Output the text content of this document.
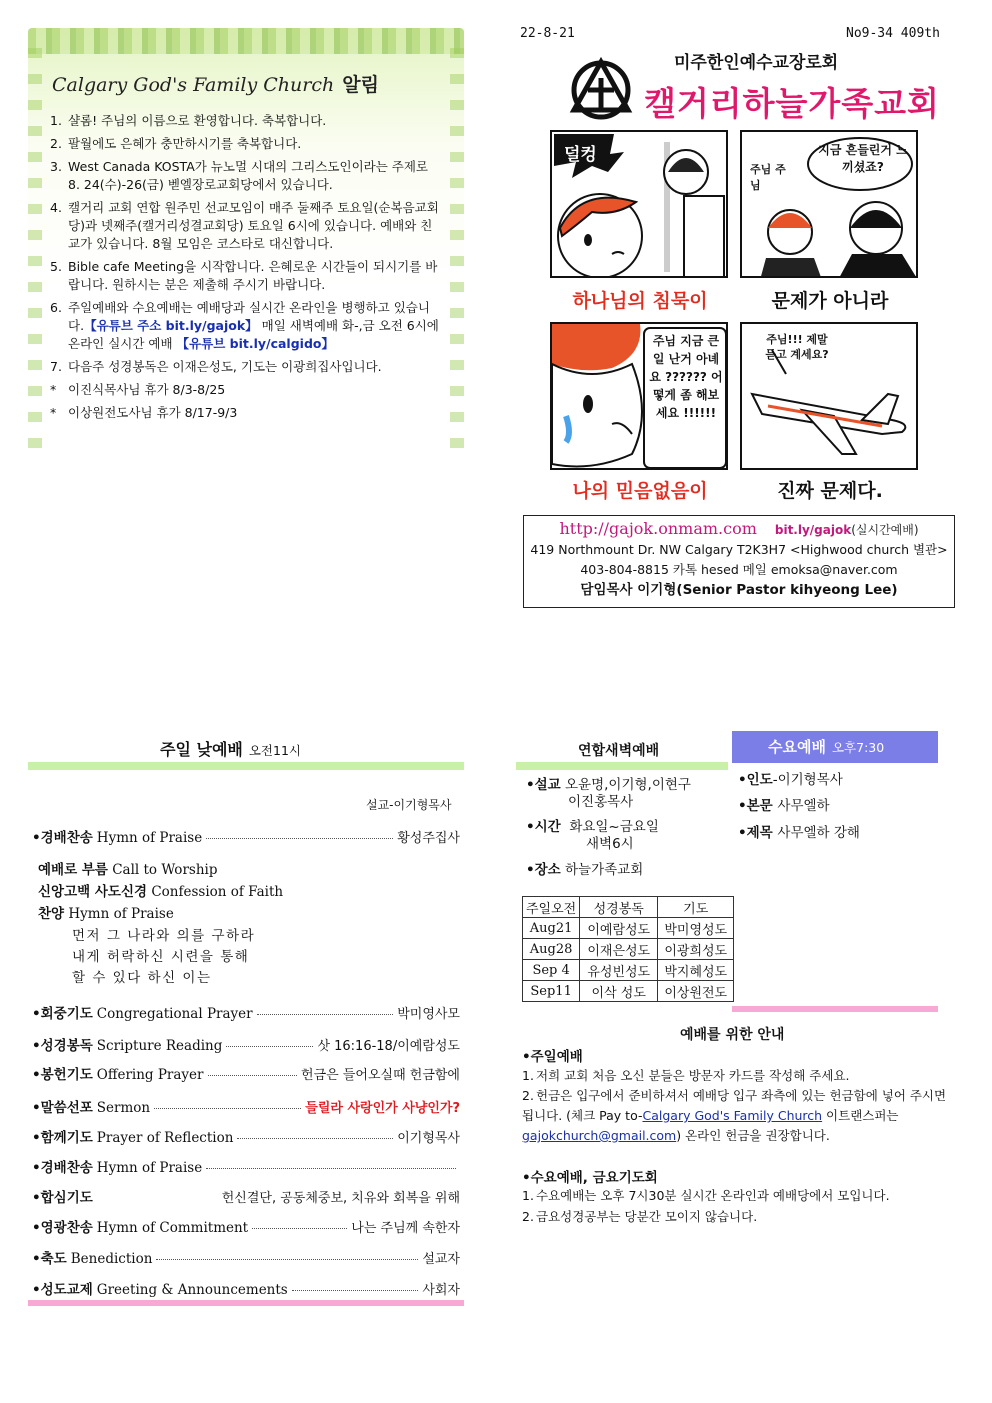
Calgary God's Family Church 알림
1. 샬롬! 주님의 이름으로 환영합니다. 축복합니다.
2. 팔월에도 은혜가 충만하시기를 축복합니다.
3. West Canada KOSTA가 뉴노멀 시대의 그리스도인이라는 주제로 8. 24(수)-26(금) 벧엘장로교회당에서 있습니다.
4. 캘거리 교회 연합 원주민 선교모임이 매주 둘째주 토요일(순복음교회당)과 넷째주(캘거리성결교회당) 토요일 6시에 있습니다. 예배와 친교가 있습니다. 8월 모임은 코스타로 대신합니다.
5. Bible cafe Meeting을 시작합니다. 은혜로운 시간들이 되시기를 바랍니다. 원하시는 분은 제출해 주시기 바랍니다.
6. 주일예배와 수요예배는 예배당과 실시간 온라인을 병행하고 있습니다.【유튜브 주소 bit.ly/gajok】 매일 새벽예배 화-,금 오전 6시에 온라인 실시간 예배 【유튜브 bit.ly/calgido】
7. 다음주 성경봉독은 이재은성도, 기도는 이광희집사입니다.
* 이진식목사님 휴가 8/3-8/25
* 이상원전도사님 휴가 8/17-9/3
22-8-21	No9-34 409th
미주한인예수교장로회
캘거리하늘가족교회
덜컹
하나님의 침묵이
지금 흔들린거 느끼셨죠?
주님 주님
문제가 아니라
주님 지금 큰일 난거 아녜요 ?????? 어떻게 좀 해보세요 !!!!!!
나의 믿음없음이
주님!!! 제말 듣고 계세요?
진짜 문제다.
http://gajok.onmam.com bit.ly/gajok(실시간예배)
419 Northmount Dr. NW Calgary T2K3H7 <Highwood church 별관>
403-804-8815 카톡 hesed 메일 emoksa@naver.com
담임목사 이기형(Senior Pastor kihyeong Lee)
주일 낮예배 오전11시
설교-이기형목사
•경배찬송 Hymn of Praise	황성주집사
예배로 부름 Call to Worship
신앙고백 사도신경 Confession of Faith
찬양 Hymn of Praise
먼저 그 나라와 의를 구하라
내게 허락하신 시련을 통해
할 수 있다 하신 이는
•회중기도 Congregational Prayer	박미영사모
•성경봉독 Scripture Reading	삿 16:16-18/이예람성도
•봉헌기도 Offering Prayer	헌금은 들어오실때 헌금함에
•말씀선포 Sermon	들릴라 사랑인가 사냥인가?
•함께기도 Prayer of Reflection	이기형목사
•경배찬송 Hymn of Praise
•합심기도	헌신결단, 공동체중보, 치유와 회복을 위해
•영광찬송 Hymn of Commitment	나는 주님께 속한자
•축도 Benediction	설교자
•성도교제 Greeting & Announcements	사회자
연합새벽예배
•설교 오윤명,이기형,이현구
이진홍목사
•시간 화요일~금요일
새벽6시
•장소 하늘가족교회
주일오전	성경봉독	기도
Aug21	이예람성도	박미영성도
Aug28	이재은성도	이광희성도
Sep 4	유성빈성도	박지혜성도
Sep11	이삭 성도	이상원전도
수요예배 오후7:30
•인도-이기형목사
•본문 사무엘하
•제목 사무엘하 강해
예배를 위한 안내
•주일예배
1. 저희 교회 처음 오신 분들은 방문자 카드를 작성해 주세요.
2. 헌금은 입구에서 준비하셔서 예배당 입구 좌측에 있는 헌금함에 넣어 주시면 됩니다. (체크 Pay to-Calgary God's Family Church 이트랜스퍼는 gajokchurch@gmail.com) 온라인 헌금을 권장합니다.
•수요예배, 금요기도회
1. 수요예배는 오후 7시30분 실시간 온라인과 예배당에서 모입니다.
2. 금요성경공부는 당분간 모이지 않습니다.
